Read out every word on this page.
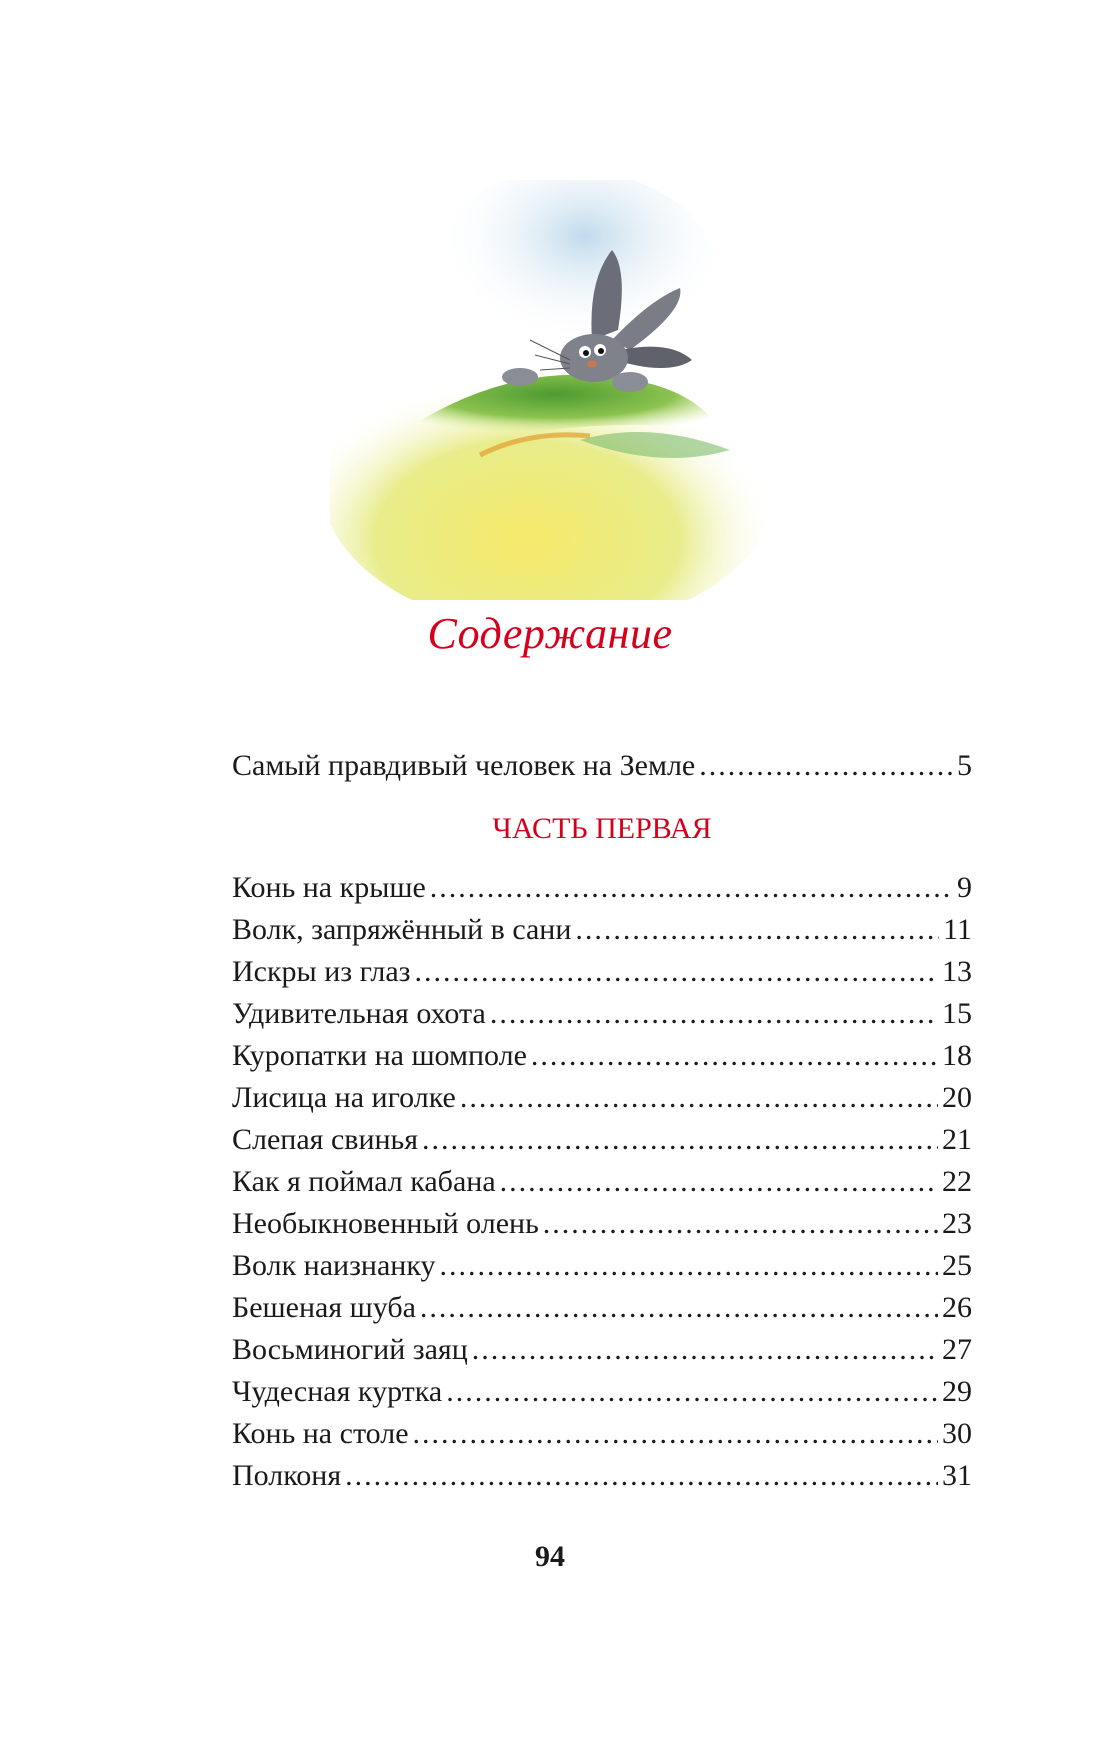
Содержание
Самый правдивый человек на Земле .....	5
ЧАСТЬ ПЕРВАЯ
Конь на крыше .....	9
Волк, запряжённый в сани .....	11
Искры из глаз .....	13
Удивительная охота .....	15
Куропатки на шомполе .....	18
Лисица на иголке .....	20
Слепая свинья .....	21
Как я поймал кабана .....	22
Необыкновенный олень .....	23
Волк наизнанку .....	25
Бешеная шуба .....	26
Восьминогий заяц .....	27
Чудесная куртка .....	29
Конь на столе .....	30
Полконя .....	31
94
